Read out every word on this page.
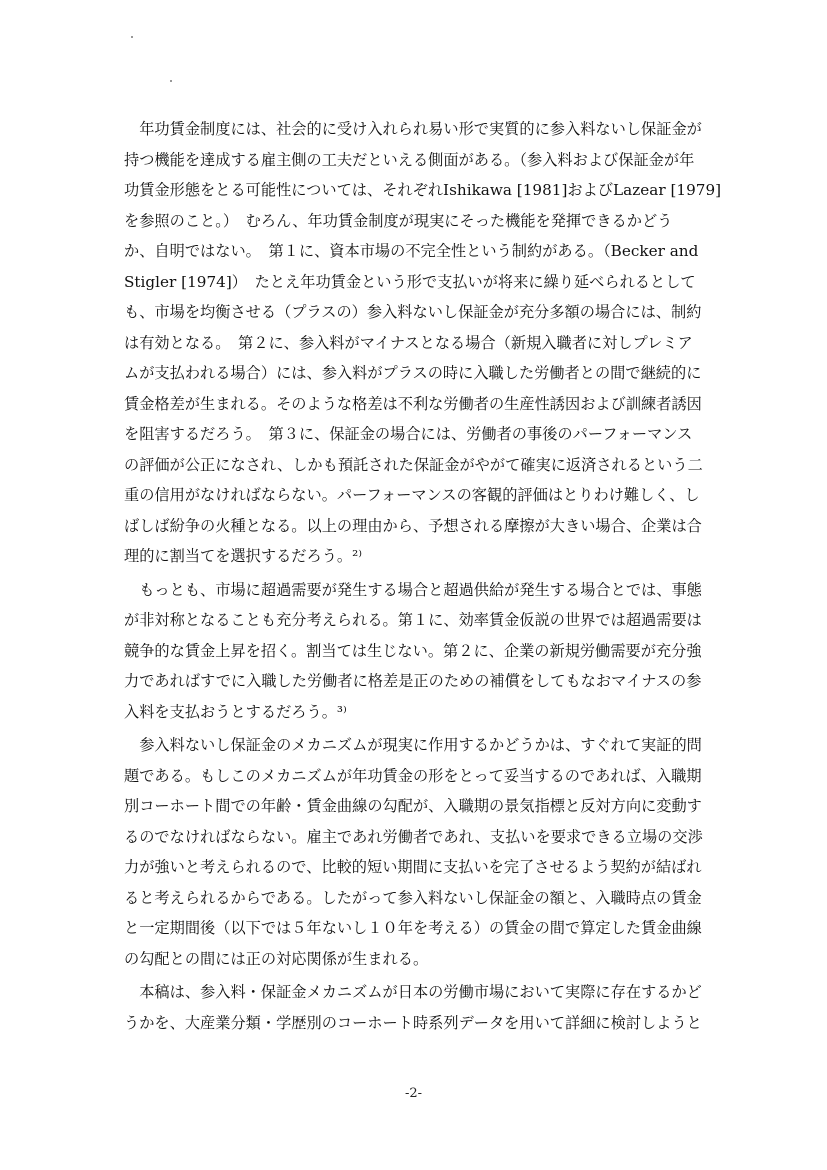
　年功賃金制度には、社会的に受け入れられ易い形で実質的に参入料ないし保証金が
持つ機能を達成する雇主側の工夫だといえる側面がある。（参入料および保証金が年
功賃金形態をとる可能性については、それぞれIshikawa [1981]およびLazear [1979]
を参照のこと。）　むろん、年功賃金制度が現実にそった機能を発揮できるかどう
か、自明ではない。　第１に、資本市場の不完全性という制約がある。（Becker and
Stigler [1974]）　たとえ年功賃金という形で支払いが将来に繰り延べられるとして
も、市場を均衡させる（プラスの）参入料ないし保証金が充分多額の場合には、制約
は有効となる。　第２に、参入料がマイナスとなる場合（新規入職者に対しプレミア
ムが支払われる場合）には、参入料がプラスの時に入職した労働者との間で継続的に
賃金格差が生まれる。そのような格差は不利な労働者の生産性誘因および訓練者誘因
を阻害するだろう。　第３に、保証金の場合には、労働者の事後のパーフォーマンス
の評価が公正になされ、しかも預託された保証金がやがて確実に返済されるという二
重の信用がなければならない。パーフォーマンスの客観的評価はとりわけ難しく、し
ばしば紛争の火種となる。以上の理由から、予想される摩擦が大きい場合、企業は合
理的に割当てを選択するだろう。²⁾
　もっとも、市場に超過需要が発生する場合と超過供給が発生する場合とでは、事態
が非対称となることも充分考えられる。第１に、効率賃金仮説の世界では超過需要は
競争的な賃金上昇を招く。割当ては生じない。第２に、企業の新規労働需要が充分強
力であればすでに入職した労働者に格差是正のための補償をしてもなおマイナスの参
入料を支払おうとするだろう。³⁾
　参入料ないし保証金のメカニズムが現実に作用するかどうかは、すぐれて実証的問
題である。もしこのメカニズムが年功賃金の形をとって妥当するのであれば、入職期
別コーホート間での年齢・賃金曲線の勾配が、入職期の景気指標と反対方向に変動す
るのでなければならない。雇主であれ労働者であれ、支払いを要求できる立場の交渉
力が強いと考えられるので、比較的短い期間に支払いを完了させるよう契約が結ばれ
ると考えられるからである。したがって参入料ないし保証金の額と、入職時点の賃金
と一定期間後（以下では５年ないし１０年を考える）の賃金の間で算定した賃金曲線
の勾配との間には正の対応関係が生まれる。
　本稿は、参入料・保証金メカニズムが日本の労働市場において実際に存在するかど
うかを、大産業分類・学歴別のコーホート時系列データを用いて詳細に検討しようと
-2-
